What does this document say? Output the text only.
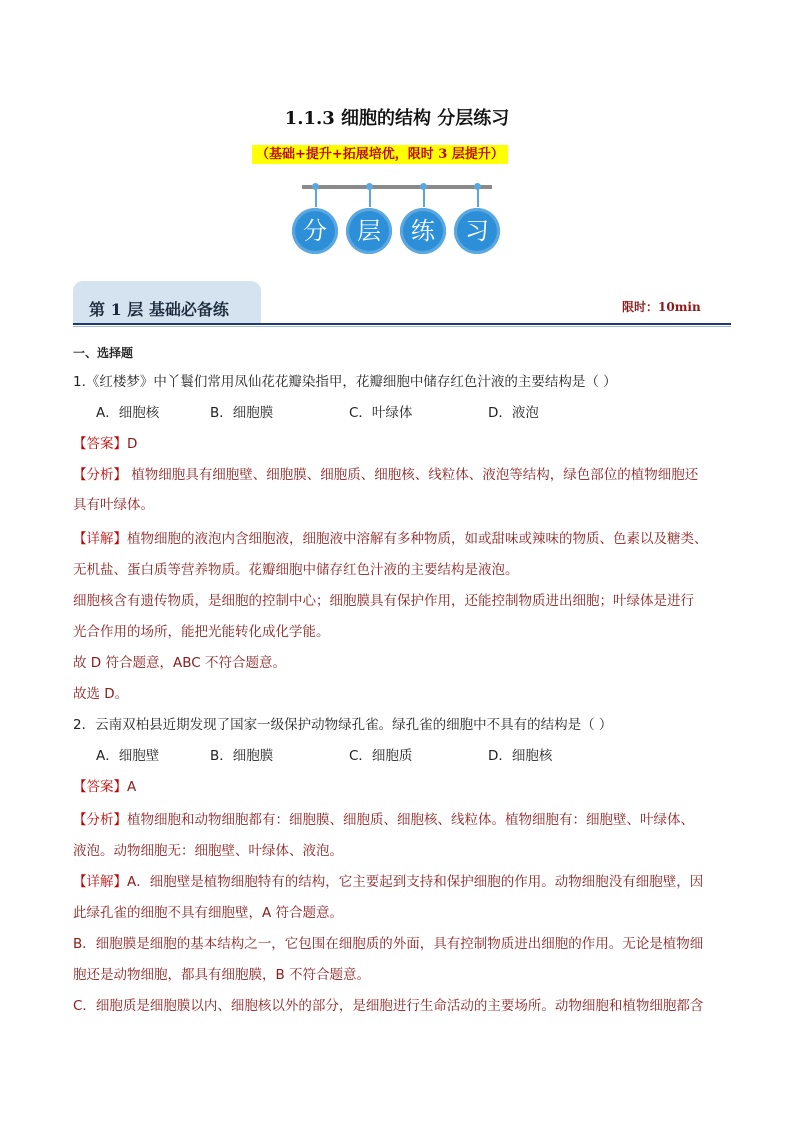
1.1.3 细胞的结构 分层练习
（基础+提升+拓展培优，限时 3 层提升）
分	层	练	习
第 1 层 基础必备练	限时：10min
一、选择题
1.《红楼梦》中丫鬟们常用凤仙花花瓣染指甲，花瓣细胞中储存红色汁液的主要结构是（ ）
A．细胞核	B．细胞膜	C．叶绿体	D．液泡
【答案】D
【分析】 植物细胞具有细胞壁、细胞膜、细胞质、细胞核、线粒体、液泡等结构，绿色部位的植物细胞还
具有叶绿体。
【详解】植物细胞的液泡内含细胞液，细胞液中溶解有多种物质，如或甜味或辣味的物质、色素以及糖类、
无机盐、蛋白质等营养物质。花瓣细胞中储存红色汁液的主要结构是液泡。
细胞核含有遗传物质，是细胞的控制中心；细胞膜具有保护作用，还能控制物质进出细胞；叶绿体是进行
光合作用的场所，能把光能转化成化学能。
故 D 符合题意，ABC 不符合题意。
故选 D。
2．云南双柏县近期发现了国家一级保护动物绿孔雀。绿孔雀的细胞中不具有的结构是（ ）
A．细胞壁	B．细胞膜	C．细胞质	D．细胞核
【答案】A
【分析】植物细胞和动物细胞都有：细胞膜、细胞质、细胞核、线粒体。植物细胞有：细胞壁、叶绿体、
液泡。动物细胞无：细胞壁、叶绿体、液泡。
【详解】A．细胞壁是植物细胞特有的结构，它主要起到支持和保护细胞的作用。动物细胞没有细胞壁，因
此绿孔雀的细胞不具有细胞壁，A 符合题意。
B．细胞膜是细胞的基本结构之一，它包围在细胞质的外面，具有控制物质进出细胞的作用。无论是植物细
胞还是动物细胞，都具有细胞膜，B 不符合题意。
C．细胞质是细胞膜以内、细胞核以外的部分，是细胞进行生命活动的主要场所。动物细胞和植物细胞都含
